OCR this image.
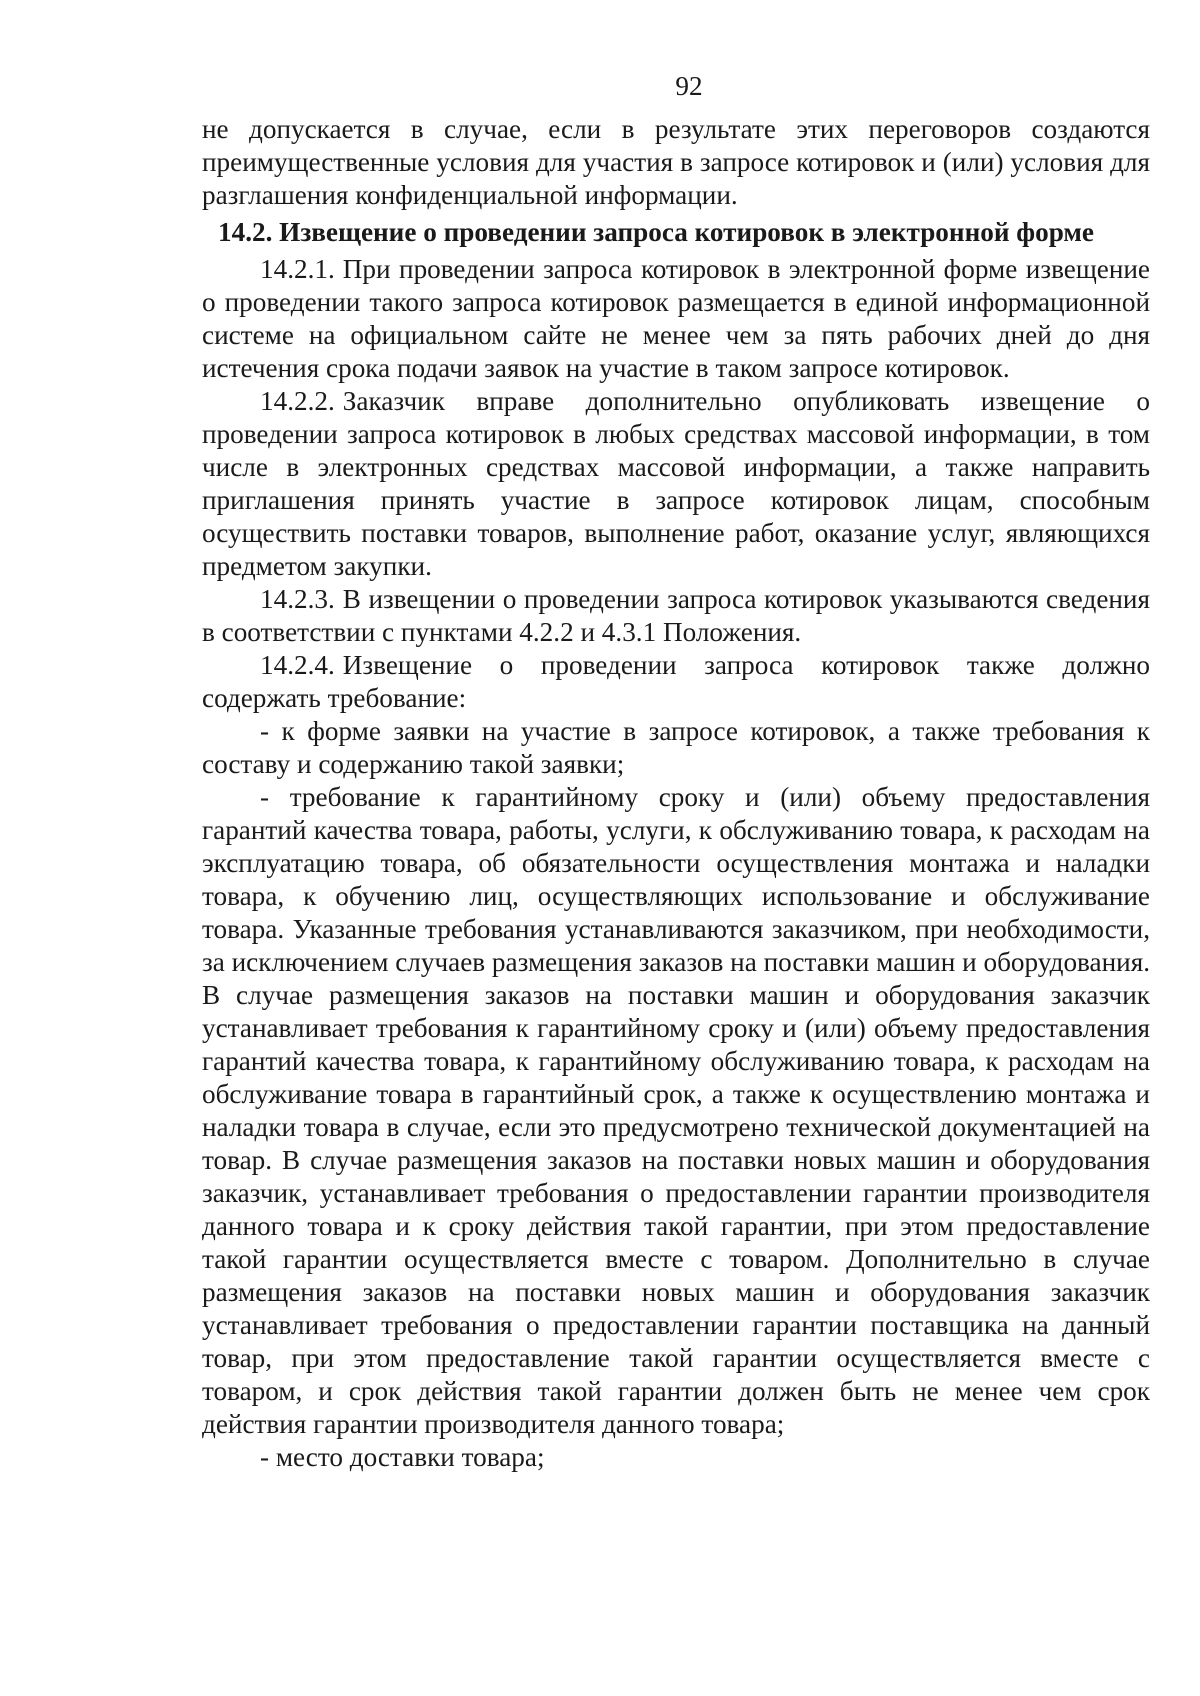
92

не допускается в случае, если в результате этих переговоров создаются преимущественные условия для участия в запросе котировок и (или) условия для разглашения конфиденциальной информации.

14.2. Извещение о проведении запроса котировок в электронной форме

14.2.1. При проведении запроса котировок в электронной форме извещение о проведении такого запроса котировок размещается в единой информационной системе на официальном сайте не менее чем за пять рабочих дней до дня истечения срока подачи заявок на участие в таком запросе котировок.

14.2.2. Заказчик вправе дополнительно опубликовать извещение о проведении запроса котировок в любых средствах массовой информации, в том числе в электронных средствах массовой информации, а также направить приглашения принять участие в запросе котировок лицам, способным осуществить поставки товаров, выполнение работ, оказание услуг, являющихся предметом закупки.

14.2.3. В извещении о проведении запроса котировок указываются сведения в соответствии с пунктами 4.2.2 и 4.3.1 Положения.

14.2.4. Извещение о проведении запроса котировок также должно содержать требование:

- к форме заявки на участие в запросе котировок, а также требования к составу и содержанию такой заявки;

- требование к гарантийному сроку и (или) объему предоставления гарантий качества товара, работы, услуги, к обслуживанию товара, к расходам на эксплуатацию товара, об обязательности осуществления монтажа и наладки товара, к обучению лиц, осуществляющих использование и обслуживание товара. Указанные требования устанавливаются заказчиком, при необходимости, за исключением случаев размещения заказов на поставки машин и оборудования. В случае размещения заказов на поставки машин и оборудования заказчик устанавливает требования к гарантийному сроку и (или) объему предоставления гарантий качества товара, к гарантийному обслуживанию товара, к расходам на обслуживание товара в гарантийный срок, а также к осуществлению монтажа и наладки товара в случае, если это предусмотрено технической документацией на товар. В случае размещения заказов на поставки новых машин и оборудования заказчик, устанавливает требования о предоставлении гарантии производителя данного товара и к сроку действия такой гарантии, при этом предоставление такой гарантии осуществляется вместе с товаром. Дополнительно в случае размещения заказов на поставки новых машин и оборудования заказчик устанавливает требования о предоставлении гарантии поставщика на данный товар, при этом предоставление такой гарантии осуществляется вместе с товаром, и срок действия такой гарантии должен быть не менее чем срок действия гарантии производителя данного товара;

- место доставки товара;
